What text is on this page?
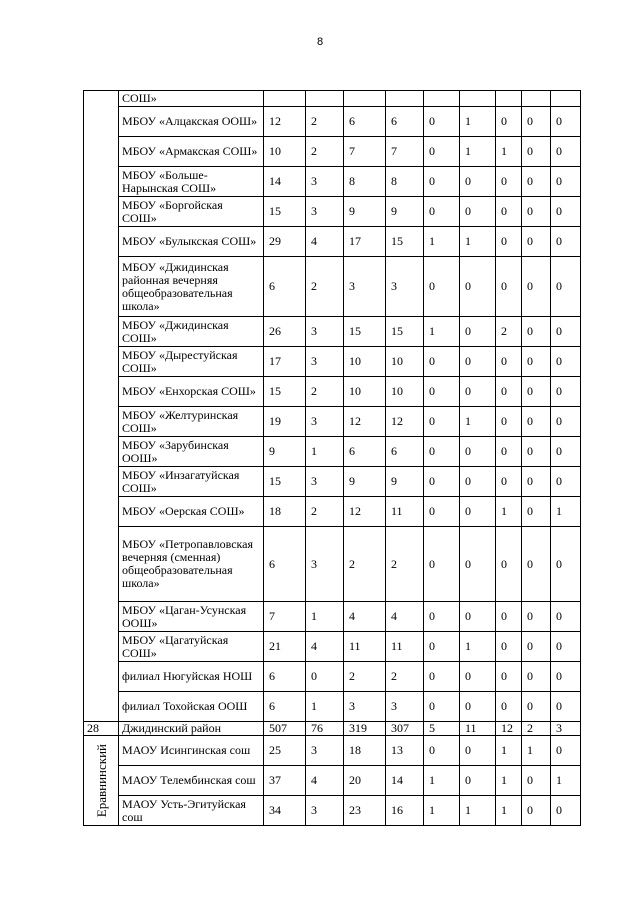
8
	СОШ»									
	МБОУ «Алцакская ООШ»	12	2	6	6	0	1	0	0	0
	МБОУ «Армакская СОШ»	10	2	7	7	0	1	1	0	0
	МБОУ «Больше-Нарынская СОШ»	14	3	8	8	0	0	0	0	0
	МБОУ «Боргойская СОШ»	15	3	9	9	0	0	0	0	0
	МБОУ «Булыкская СОШ»	29	4	17	15	1	1	0	0	0
	МБОУ «Джидинская районная вечерняя общеобразовательная школа»	6	2	3	3	0	0	0	0	0
	МБОУ «Джидинская СОШ»	26	3	15	15	1	0	2	0	0
	МБОУ «Дырестуйская СОШ»	17	3	10	10	0	0	0	0	0
	МБОУ «Енхорская СОШ»	15	2	10	10	0	0	0	0	0
	МБОУ «Желтуринская СОШ»	19	3	12	12	0	1	0	0	0
	МБОУ «Зарубинская ООШ»	9	1	6	6	0	0	0	0	0
	МБОУ «Инзагатуйская СОШ»	15	3	9	9	0	0	0	0	0
	МБОУ «Оерская СОШ»	18	2	12	11	0	0	1	0	1
	МБОУ «Петропавловская вечерняя (сменная) общеобразовательная школа»	6	3	2	2	0	0	0	0	0
	МБОУ «Цаган-Усунская ООШ»	7	1	4	4	0	0	0	0	0
	МБОУ «Цагатуйская СОШ»	21	4	11	11	0	1	0	0	0
	филиал Нюгуйская НОШ	6	0	2	2	0	0	0	0	0
	филиал Тохойская ООШ	6	1	3	3	0	0	0	0	0
28	Джидинский район	507	76	319	307	5	11	12	2	3

Еравнинский	МАОУ Исингинская сош	25	3	18	13	0	0	1	1	0
	МАОУ Телембинская сош	37	4	20	14	1	0	1	0	1
	МАОУ Усть-Эгитуйская сош	34	3	23	16	1	1	1	0	0
